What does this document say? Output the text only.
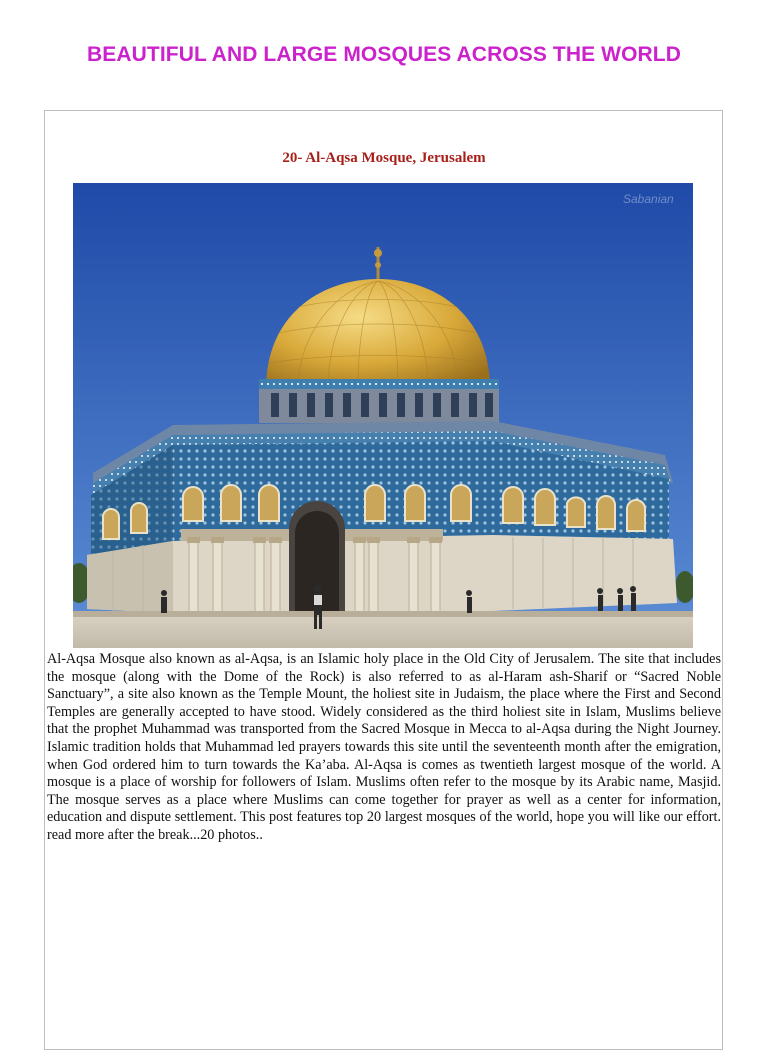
BEAUTIFUL AND LARGE MOSQUES ACROSS THE WORLD
20- Al-Aqsa Mosque, Jerusalem
Sabanian

Al-Aqsa Mosque also known as al-Aqsa, is an Islamic holy place in the Old City of Jerusalem. The site that includes the mosque (along with the Dome of the Rock) is also referred to as al-Haram ash-Sharif or “Sacred Noble Sanctuary”, a site also known as the Temple Mount, the holiest site in Judaism, the place where the First and Second Temples are generally accepted to have stood. Widely considered as the third holiest site in Islam, Muslims believe that the prophet Muhammad was transported from the Sacred Mosque in Mecca to al-Aqsa during the Night Journey. Islamic tradition holds that Muhammad led prayers towards this site until the seventeenth month after the emigration, when God ordered him to turn towards the Ka’aba. Al-Aqsa is comes as twentieth largest mosque of the world. A mosque is a place of worship for followers of Islam. Muslims often refer to the mosque by its Arabic name, Masjid. The mosque serves as a place where Muslims can come together for prayer as well as a center for information, education and dispute settlement. This post features top 20 largest mosques of the world, hope you will like our effort. read more after the break...20 photos..
